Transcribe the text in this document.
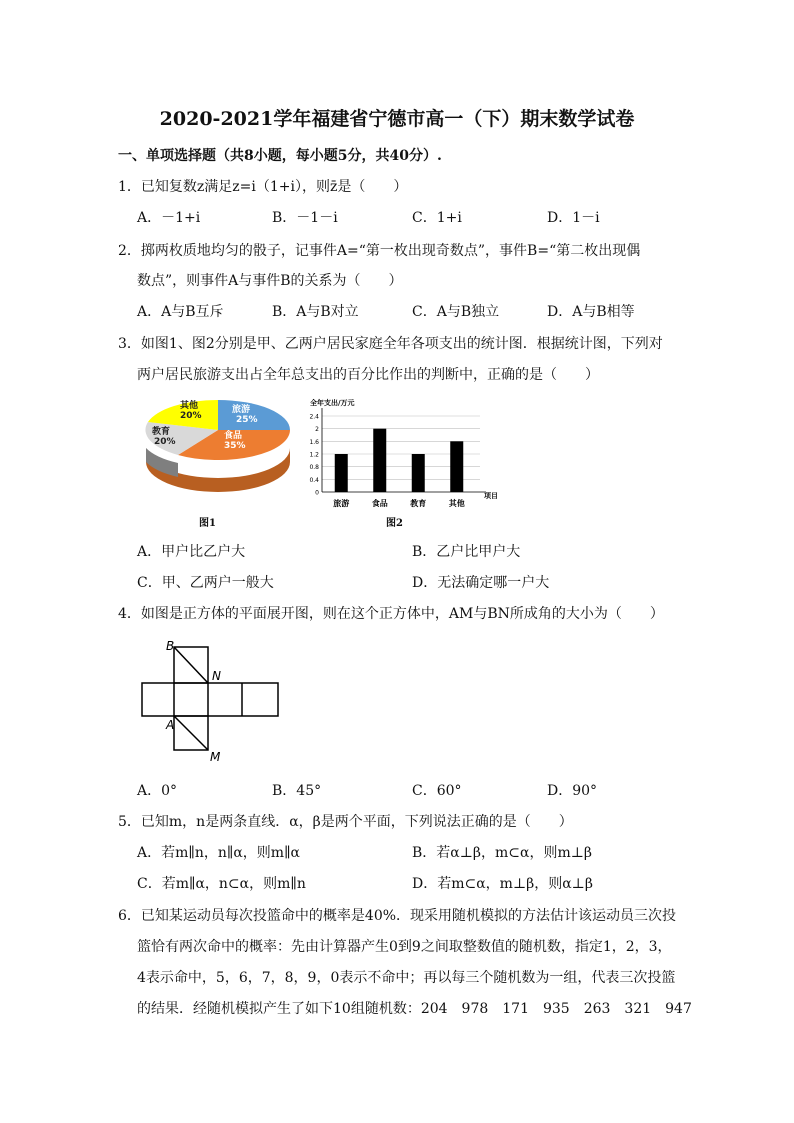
2020-2021学年福建省宁德市高一（下）期末数学试卷
一、单项选择题（共8小题，每小题5分，共40分）.
1．已知复数z满足z=i（1+i），则z̄是（　　）
A．－1+i	B．－1－i	C．1+i	D．1－i
2．掷两枚质地均匀的骰子，记事件A=“第一枚出现奇数点”，事件B=“第二枚出现偶
数点”，则事件A与事件B的关系为（　　）
A．A与B互斥	B．A与B对立	C．A与B独立	D．A与B相等
3．如图1、图2分别是甲、乙两户居民家庭全年各项支出的统计图．根据统计图，下列对
两户居民旅游支出占全年总支出的百分比作出的判断中，正确的是（　　）
旅游 25%
食品 35%
教育 20%
其他 20%
图1
全年支出/万元
项目
0
0.4
0.8
1.2
1.6
2
2.4
旅游	食品	教育	其他
图2
A．甲户比乙户大	B．乙户比甲户大
C．甲、乙两户一般大	D．无法确定哪一户大
4．如图是正方体的平面展开图，则在这个正方体中，AM与BN所成角的大小为（　　）
B
N
A
M
A．0°	B．45°	C．60°	D．90°
5．已知m，n是两条直线．α，β是两个平面，下列说法正确的是（　　）
A．若m∥n，n∥α，则m∥α	B．若α⊥β，m⊂α，则m⊥β
C．若m∥α，n⊂α，则m∥n	D．若m⊂α，m⊥β，则α⊥β
6．已知某运动员每次投篮命中的概率是40%．现采用随机模拟的方法估计该运动员三次投
篮恰有两次命中的概率：先由计算器产生0到9之间取整数值的随机数，指定1，2，3，
4表示命中，5，6，7，8，9，0表示不命中；再以每三个随机数为一组，代表三次投篮
的结果．经随机模拟产生了如下10组随机数：204　978　171　935　263　321　947
